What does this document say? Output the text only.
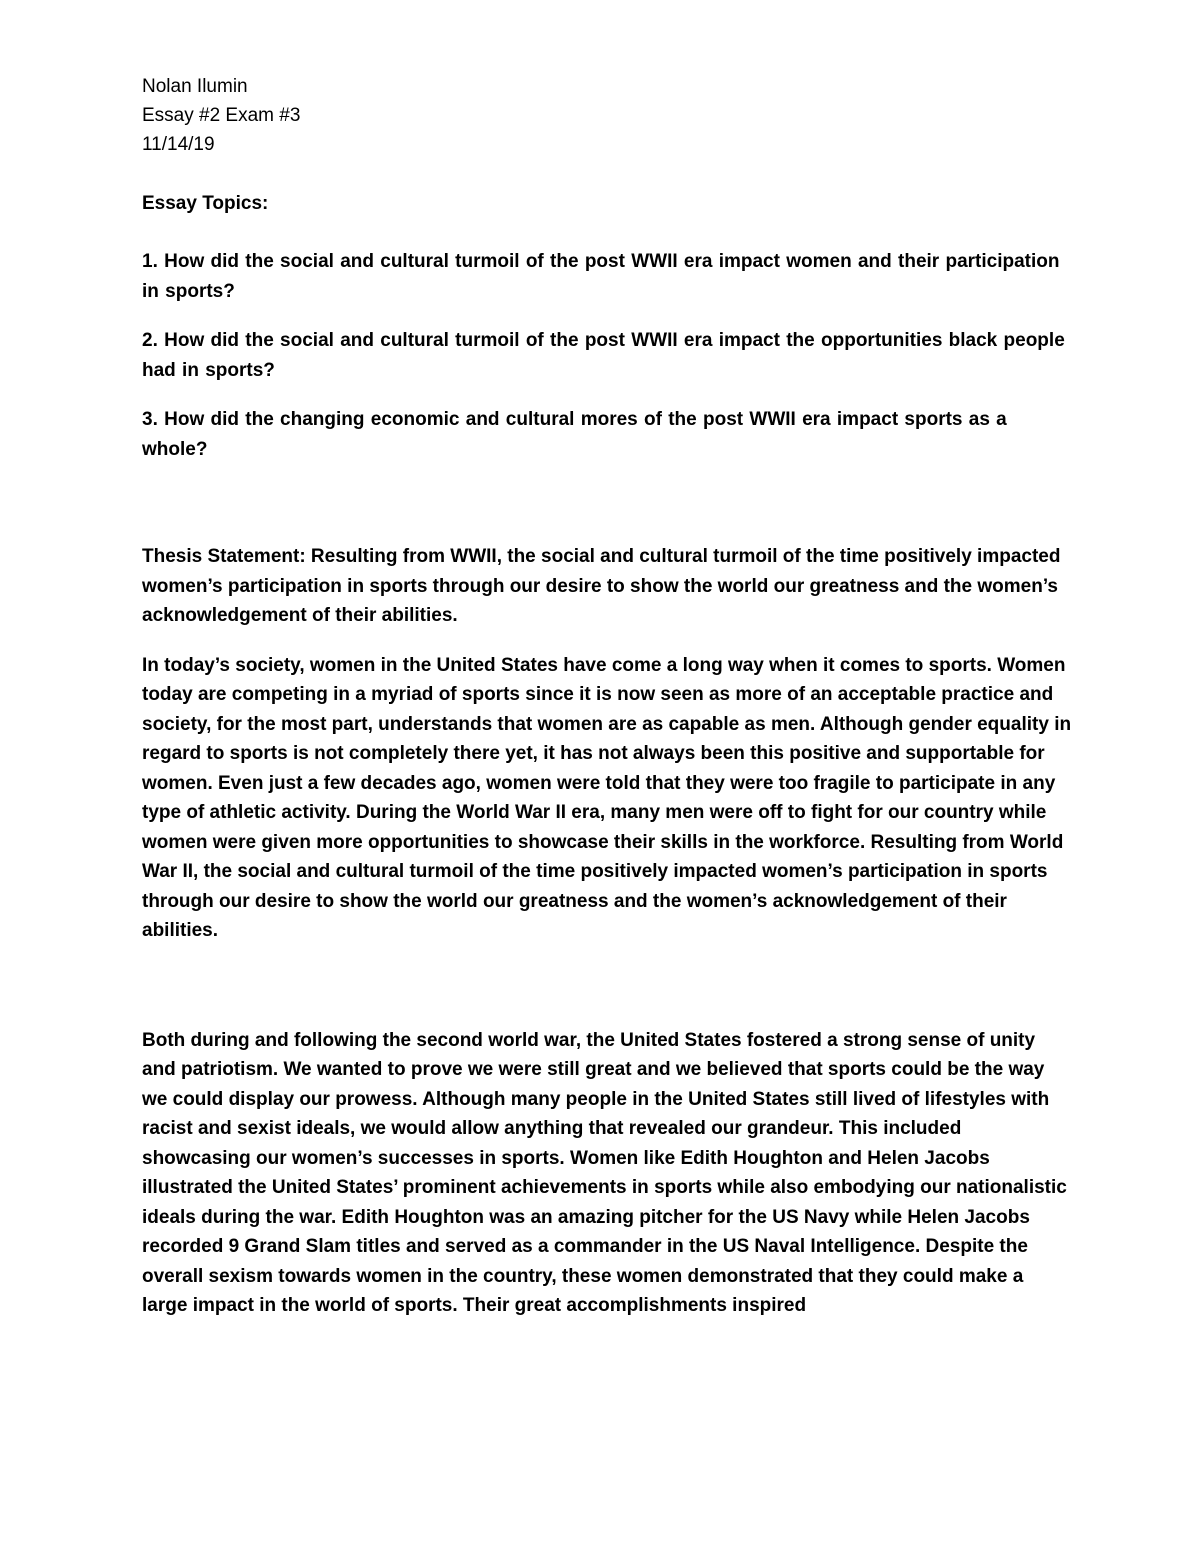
Nolan Ilumin

Essay #2 Exam #3

11/14/19

Essay Topics:

1. How did the social and cultural turmoil of the post WWII era impact women and their participation in sports?

2. How did the social and cultural turmoil of the post WWII era impact the opportunities black people had in sports?

3. How did the changing economic and cultural mores of the post WWII era impact sports as a whole?

Thesis Statement: Resulting from WWII, the social and cultural turmoil of the time positively impacted women’s participation in sports through our desire to show the world our greatness and the women’s acknowledgement of their abilities.

In today’s society, women in the United States have come a long way when it comes to sports. Women today are competing in a myriad of sports since it is now seen as more of an acceptable practice and society, for the most part, understands that women are as capable as men. Although gender equality in regard to sports is not completely there yet, it has not always been this positive and supportable for women. Even just a few decades ago, women were told that they were too fragile to participate in any type of athletic activity. During the World War II era, many men were off to fight for our country while women were given more opportunities to showcase their skills in the workforce. Resulting from World War II, the social and cultural turmoil of the time positively impacted women’s participation in sports through our desire to show the world our greatness and the women’s acknowledgement of their abilities.

Both during and following the second world war, the United States fostered a strong sense of unity and patriotism. We wanted to prove we were still great and we believed that sports could be the way we could display our prowess. Although many people in the United States still lived of lifestyles with racist and sexist ideals, we would allow anything that revealed our grandeur. This included showcasing our women’s successes in sports. Women like Edith Houghton and Helen Jacobs illustrated the United States’ prominent achievements in sports while also embodying our nationalistic ideals during the war. Edith Houghton was an amazing pitcher for the US Navy while Helen Jacobs recorded 9 Grand Slam titles and served as a commander in the US Naval Intelligence. Despite the overall sexism towards women in the country, these women demonstrated that they could make a large impact in the world of sports. Their great accomplishments inspired
